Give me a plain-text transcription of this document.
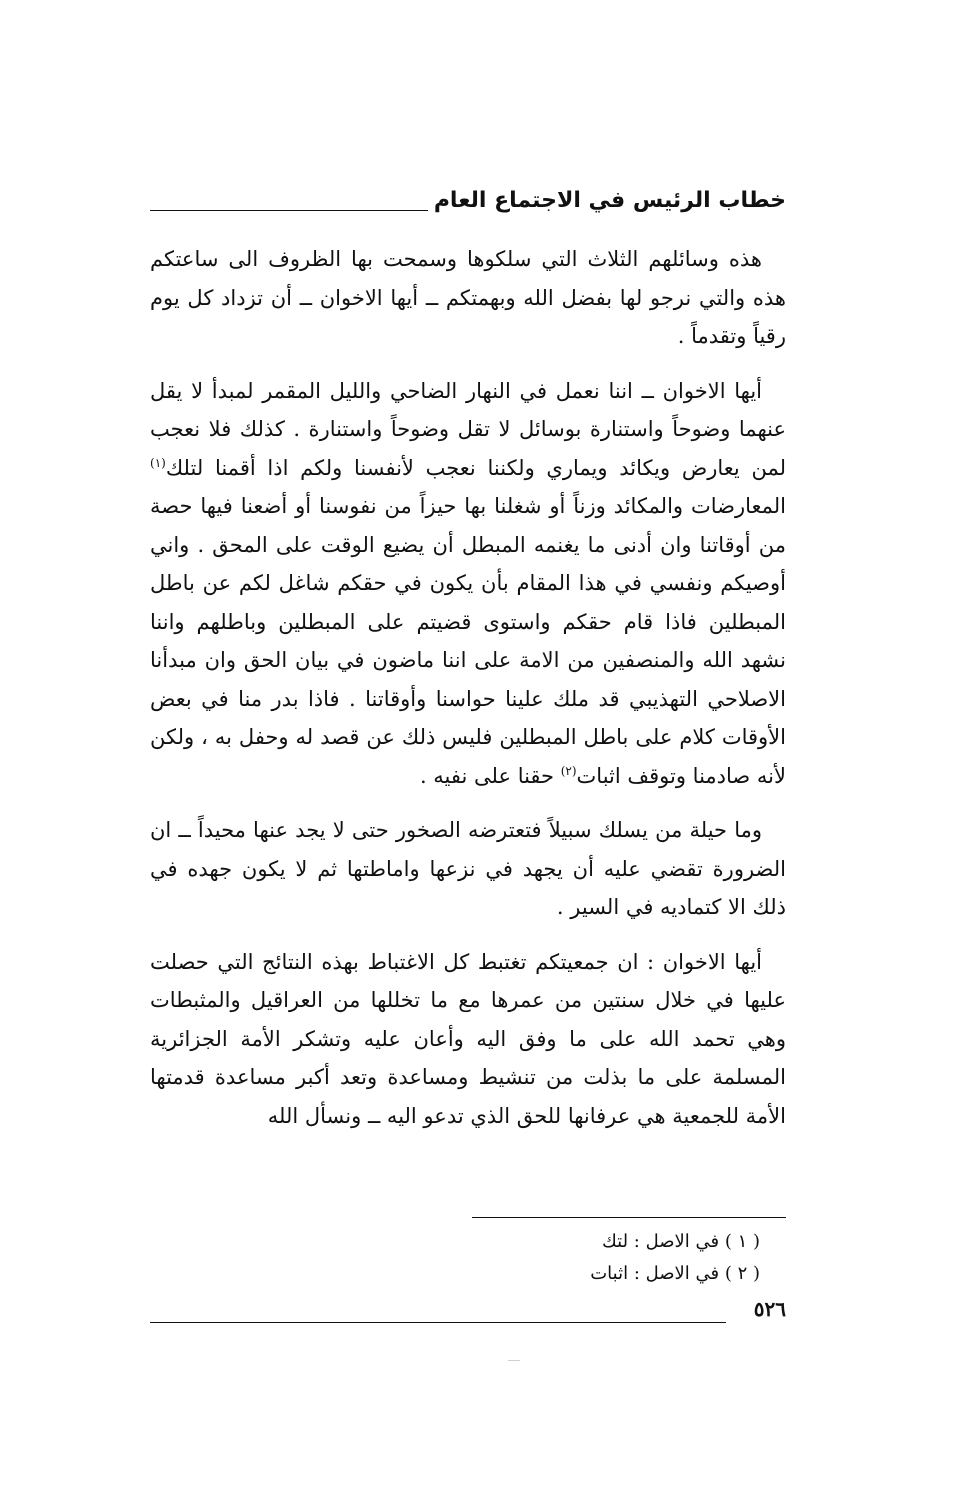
خطاب الرئيس في الاجتماع العام

هذه وسائلهم الثلاث التي سلكوها وسمحت بها الظروف الى ساعتكم هذه والتي نرجو لها بفضل الله وبهمتكم ــ أيها الاخوان ــ أن تزداد كل يوم رقياً وتقدماً .

أيها الاخوان ــ اننا نعمل في النهار الضاحي والليل المقمر لمبدأ لا يقل عنهما وضوحاً واستنارة بوسائل لا تقل وضوحاً واستنارة . كذلك فلا نعجب لمن يعارض ويكائد ويماري ولكننا نعجب لأنفسنا ولكم اذا أقمنا لتلك$^{(١)}$ المعارضات والمكائد وزناً أو شغلنا بها حيزاً من نفوسنا أو أضعنا فيها حصة من أوقاتنا وان أدنى ما يغنمه المبطل أن يضيع الوقت على المحق . واني أوصيكم ونفسي في هذا المقام بأن يكون في حقكم شاغل لكم عن باطل المبطلين فاذا قام حقكم واستوى قضيتم على المبطلين وباطلهم واننا نشهد الله والمنصفين من الامة على اننا ماضون في بيان الحق وان مبدأنا الاصلاحي التهذيبي قد ملك علينا حواسنا وأوقاتنا . فاذا بدر منا في بعض الأوقات كلام على باطل المبطلين فليس ذلك عن قصد له وحفل به ، ولكن لأنه صادمنا وتوقف اثبات$^{(٢)}$ حقنا على نفيه .

وما حيلة من يسلك سبيلاً فتعترضه الصخور حتى لا يجد عنها محيداً ــ ان الضرورة تقضي عليه أن يجهد في نزعها واماطتها ثم لا يكون جهده في ذلك الا كتماديه في السير .

أيها الاخوان : ان جمعيتكم تغتبط كل الاغتباط بهذه النتائج التي حصلت عليها في خلال سنتين من عمرها مع ما تخللها من العراقيل والمثبطات وهي تحمد الله على ما وفق اليه وأعان عليه وتشكر الأمة الجزائرية المسلمة على ما بذلت من تنشيط ومساعدة وتعد أكبر مساعدة قدمتها الأمة للجمعية هي عرفانها للحق الذي تدعو اليه ــ ونسأل الله

( ١ ) في الاصل : لتك

( ٢ ) في الاصل : اثبات

٥٢٦
